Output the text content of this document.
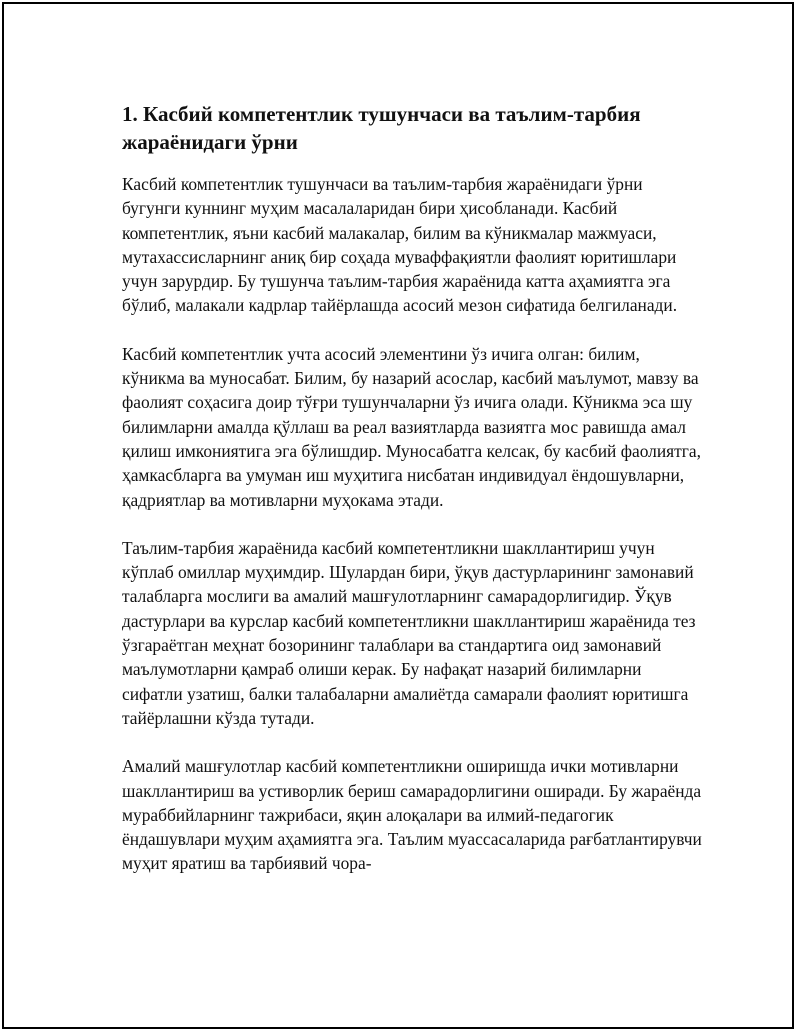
1. Касбий компетентлик тушунчаси ва таълим-тарбия жараёнидаги ўрни

Касбий компетентлик тушунчаси ва таълим-тарбия жараёнидаги ўрни бугунги куннинг муҳим масалаларидан бири ҳисобланади. Касбий компетентлик, яъни касбий малакалар, билим ва кўникмалар мажмуаси, мутахассисларнинг аниқ бир соҳада муваффақиятли фаолият юритишлари учун зарурдир. Бу тушунча таълим-тарбия жараёнида катта аҳамиятга эга бўлиб, малакали кадрлар тайёрлашда асосий мезон сифатида белгиланади.

Касбий компетентлик учта асосий элементини ўз ичига олган: билим, кўникма ва муносабат. Билим, бу назарий асослар, касбий маълумот, мавзу ва фаолият соҳасига доир тўғри тушунчаларни ўз ичига олади. Кўникма эса шу билимларни амалда қўллаш ва реал вазиятларда вазиятга мос равишда амал қилиш имкониятига эга бўлишдир. Муносабатга келсак, бу касбий фаолиятга, ҳамкасбларга ва умуман иш муҳитига нисбатан индивидуал ёндошувларни, қадриятлар ва мотивларни муҳокама этади.

Таълим-тарбия жараёнида касбий компетентликни шакллантириш учун кўплаб омиллар муҳимдир. Шулардан бири, ўқув дастурларининг замонавий талабларга мослиги ва амалий машғулотларнинг самарадорлигидир. Ўқув дастурлари ва курслар касбий компетентликни шакллантириш жараёнида тез ўзгараётган меҳнат бозорининг талаблари ва стандартига оид замонавий маълумотларни қамраб олиши керак. Бу нафақат назарий билимларни сифатли узатиш, балки талабаларни амалиётда самарали фаолият юритишга тайёрлашни кўзда тутади.

Амалий машғулотлар касбий компетентликни оширишда ички мотивларни шакллантириш ва устиворлик бериш самарадорлигини оширади. Бу жараёнда мураббийларнинг тажрибаси, яқин алоқалари ва илмий-педагогик ёндашувлари муҳим аҳамиятга эга. Таълим муассасаларида рағбатлантирувчи муҳит яратиш ва тарбиявий чора-
